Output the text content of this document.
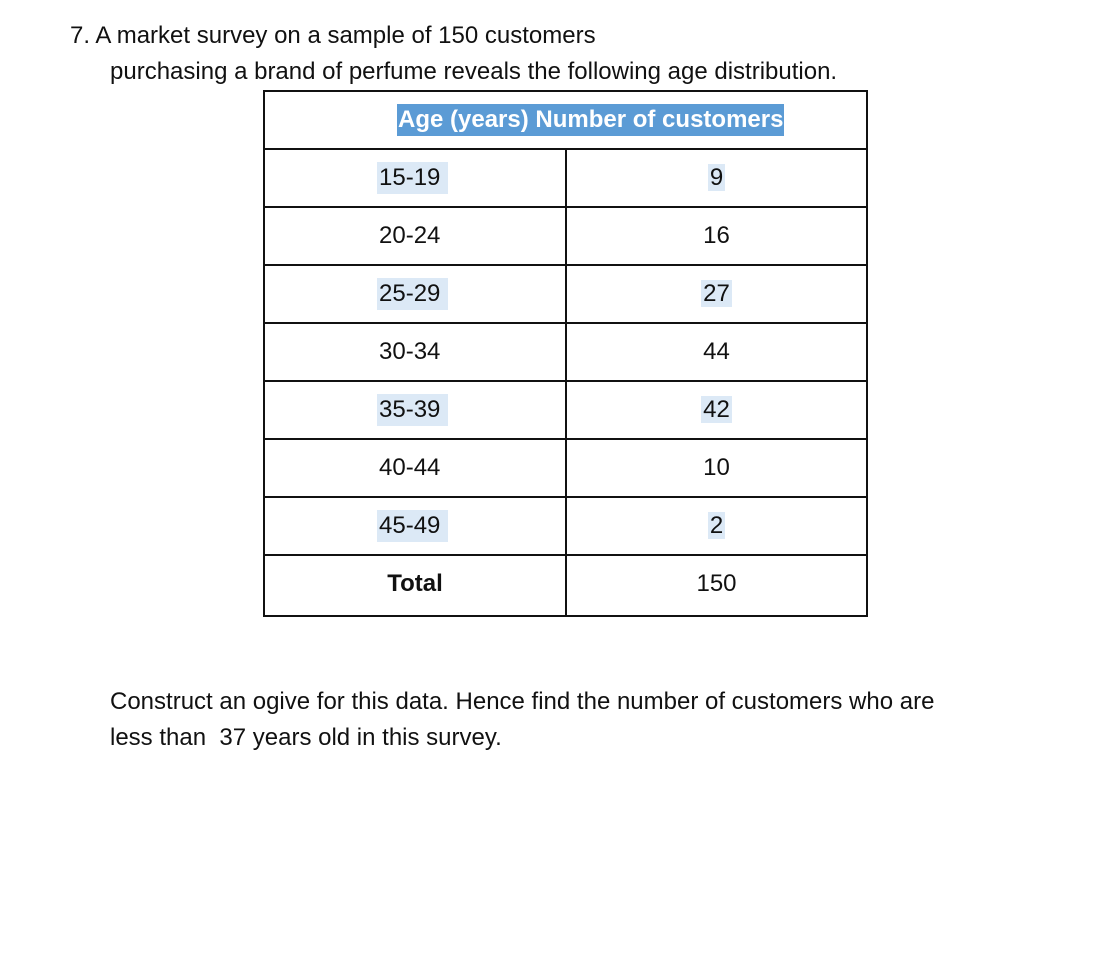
7. A market survey on a sample of 150 customers
purchasing a brand of perfume reveals the following age distribution.
Age (years) Number of customers
15-19	9
20-24	16
25-29	27
30-34	44
35-39	42
40-44	10
45-49	2
Total	150
Construct an ogive for this data. Hence find the number of customers who are
less than  37 years old in this survey.
